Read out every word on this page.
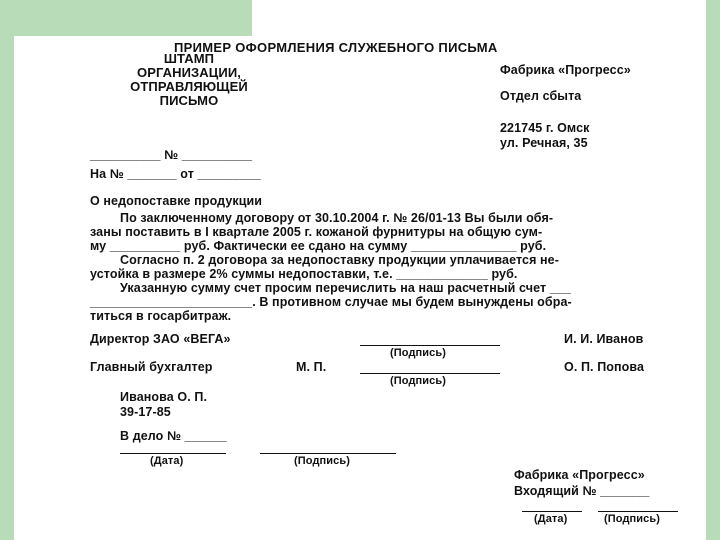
ПРИМЕР ОФОРМЛЕНИЯ СЛУЖЕБНОГО ПИСЬМА
ШТАМП
ОРГАНИЗАЦИИ,
ОТПРАВЛЯЮЩЕЙ
ПИСЬМО
Фабрика «Прогресс»
Отдел сбыта
221745 г. Омск
ул. Речная, 35
__________ № __________
На № _______ от _________
О недопоставке продукции
По заключенному договору от 30.10.2004 г. № 26/01-13 Вы были обя-
заны поставить в I квартале 2005 г. кожаной фурнитуры на общую сум-
му __________ руб. Фактически ее сдано на сумму _______________ руб.
Согласно п. 2 договора за недопоставку продукции уплачивается не-
устойка в размере 2% суммы недопоставки, т.е. _____________ руб.
Указанную сумму счет просим перечислить на наш расчетный счет ___
_______________________. В противном случае мы будем вынуждены обра-
титься в госарбитраж.
Директор ЗАО «ВЕГА»
(Подпись)
И. И. Иванов
Главный бухгалтер	М. П.
(Подпись)
О. П. Попова
Иванова О. П.
39-17-85
В дело № ______
(Дата)	(Подпись)
Фабрика «Прогресс»
Входящий № _______
(Дата)	(Подпись)
